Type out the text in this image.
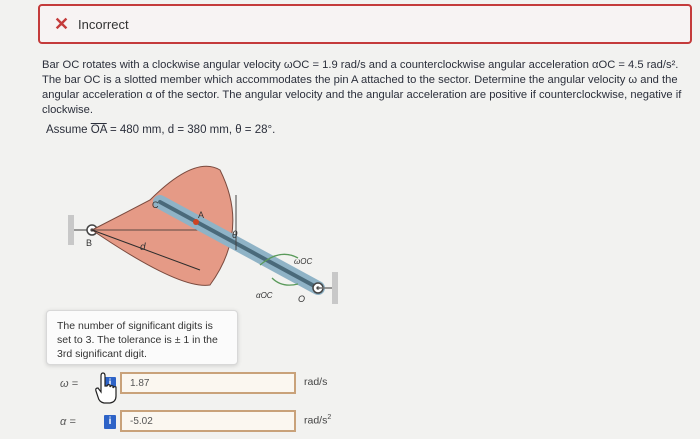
✕ Incorrect
Bar OC rotates with a clockwise angular velocity ωOC = 1.9 rad/s and a counterclockwise angular acceleration αOC = 4.5 rad/s². The bar OC is a slotted member which accommodates the pin A attached to the sector. Determine the angular velocity ω and the angular acceleration α of the sector. The angular velocity and the angular acceleration are positive if counterclockwise, negative if clockwise.
Assume $\overline{OA} = 480$ mm, d = 380 mm, θ = 28°.
C
A
B	d
θ
ωOC
αOC	O
The number of significant digits is set to 3. The tolerance is ± 1 in the 3rd significant digit.
ω =	i	1.87	rad/s
α =	i	-5.02	rad/$s^2$
